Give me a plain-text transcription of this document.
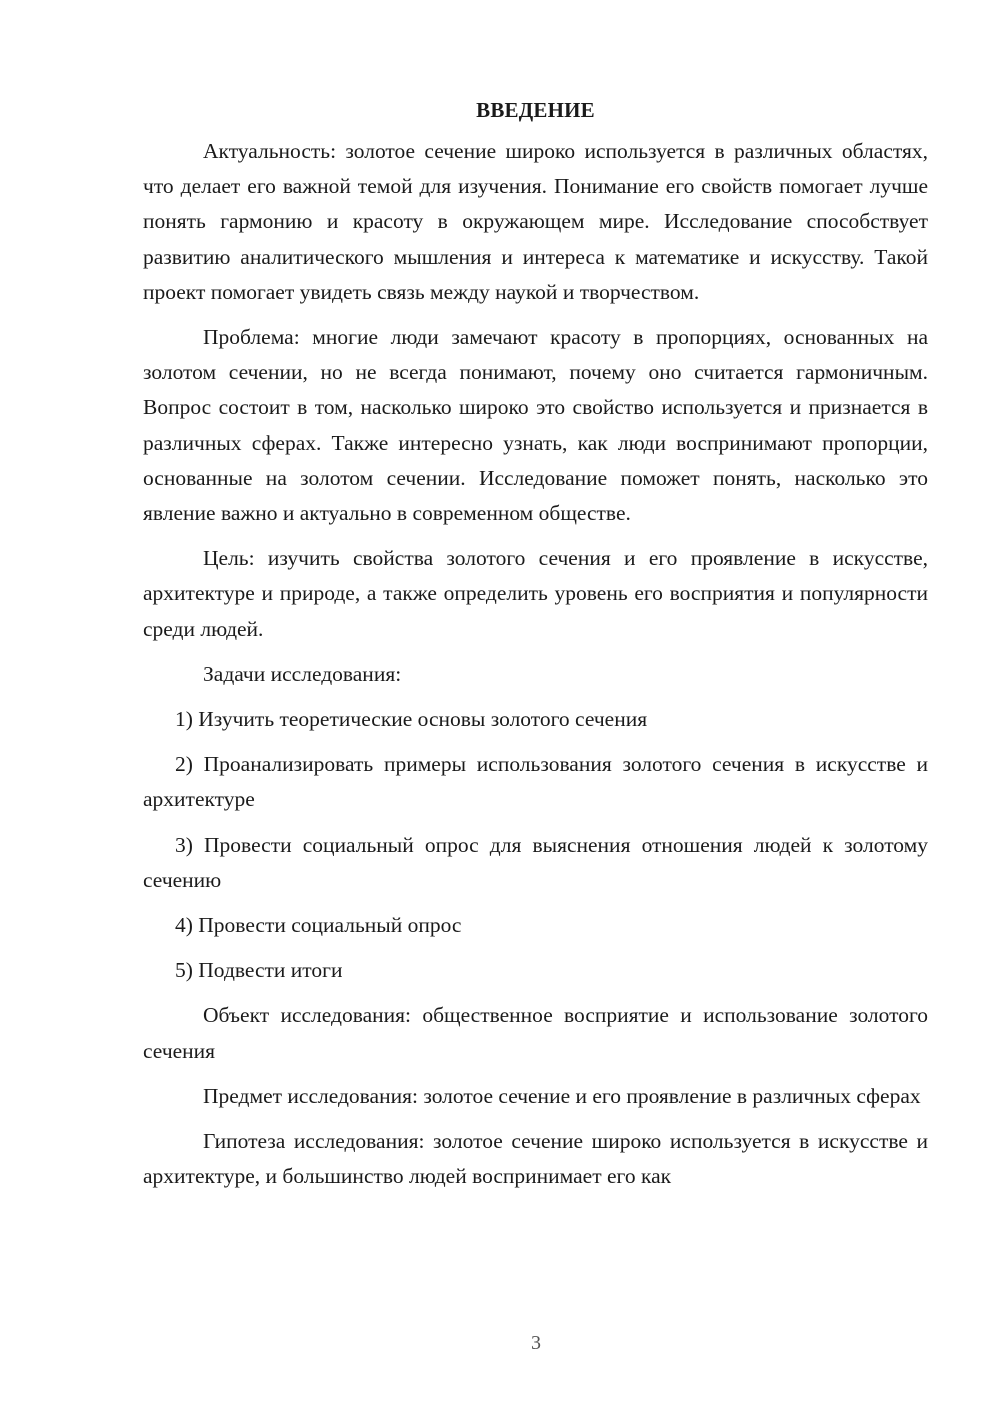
ВВЕДЕНИЕ

Актуальность: золотое сечение широко используется в различных областях, что делает его важной темой для изучения. Понимание его свойств помогает лучше понять гармонию и красоту в окружающем мире. Исследование способствует развитию аналитического мышления и интереса к математике и искусству. Такой проект помогает увидеть связь между наукой и творчеством.

Проблема: многие люди замечают красоту в пропорциях, основанных на золотом сечении, но не всегда понимают, почему оно считается гармоничным. Вопрос состоит в том, насколько широко это свойство используется и признается в различных сферах. Также интересно узнать, как люди воспринимают пропорции, основанные на золотом сечении. Исследование поможет понять, насколько это явление важно и актуально в современном обществе.

Цель: изучить свойства золотого сечения и его проявление в искусстве, архитектуре и природе, а также определить уровень его восприятия и популярности среди людей.

Задачи исследования:

1) Изучить теоретические основы золотого сечения

2) Проанализировать примеры использования золотого сечения в искусстве и архитектуре

3) Провести социальный опрос для выяснения отношения людей к золотому сечению

4) Провести социальный опрос

5) Подвести итоги

Объект исследования: общественное восприятие и использование золотого сечения

Предмет исследования: золотое сечение и его проявление в различных сферах

Гипотеза исследования: золотое сечение широко используется в искусстве и архитектуре, и большинство людей воспринимает его как

3
